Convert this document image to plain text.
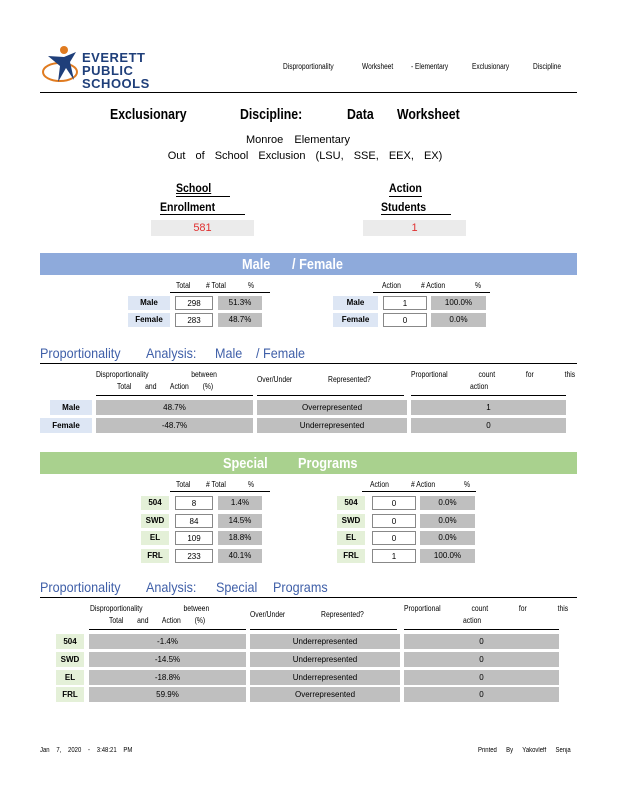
EVERETT
PUBLIC
SCHOOLS
Disproportionality	Worksheet - Elementary	Exclusionary	Discipline
Exclusionary	Discipline:	Data Worksheet
Monroe Elementary
Out of School Exclusion (LSU, SSE, EEX, EX)
School
Enrollment
581
Action
Students
1
Male / Female
Total # Total	%	Action	# Action	%
Male	298	51.3%	Male	1	100.0%
Female	283	48.7%	Female	0	0.0%
Proportionality Analysis: Male / Female
Disproportionality between
Total and Action (%)
Over/Under Represented?
Proportional count for this
action
Male	48.7%	Overrepresented	1
Female	-48.7%	Underrepresented	0
Special Programs
Total # Total	%	Action	# Action	%
504	8	1.4%	504	0	0.0%
SWD	84	14.5%	SWD	0	0.0%
EL	109	18.8%	EL	0	0.0%
FRL	233	40.1%	FRL	1	100.0%
Proportionality Analysis: Special Programs
Disproportionality between
Total and Action (%)
Over/Under Represented?
Proportional count for this
action
504	-1.4%	Underrepresented	0
SWD	-14.5%	Underrepresented	0
EL	-18.8%	Underrepresented	0
FRL	59.9%	Overrepresented	0
Jan 7, 2020 - 3:48:21 PM	Printed By Yakovleff Senja
